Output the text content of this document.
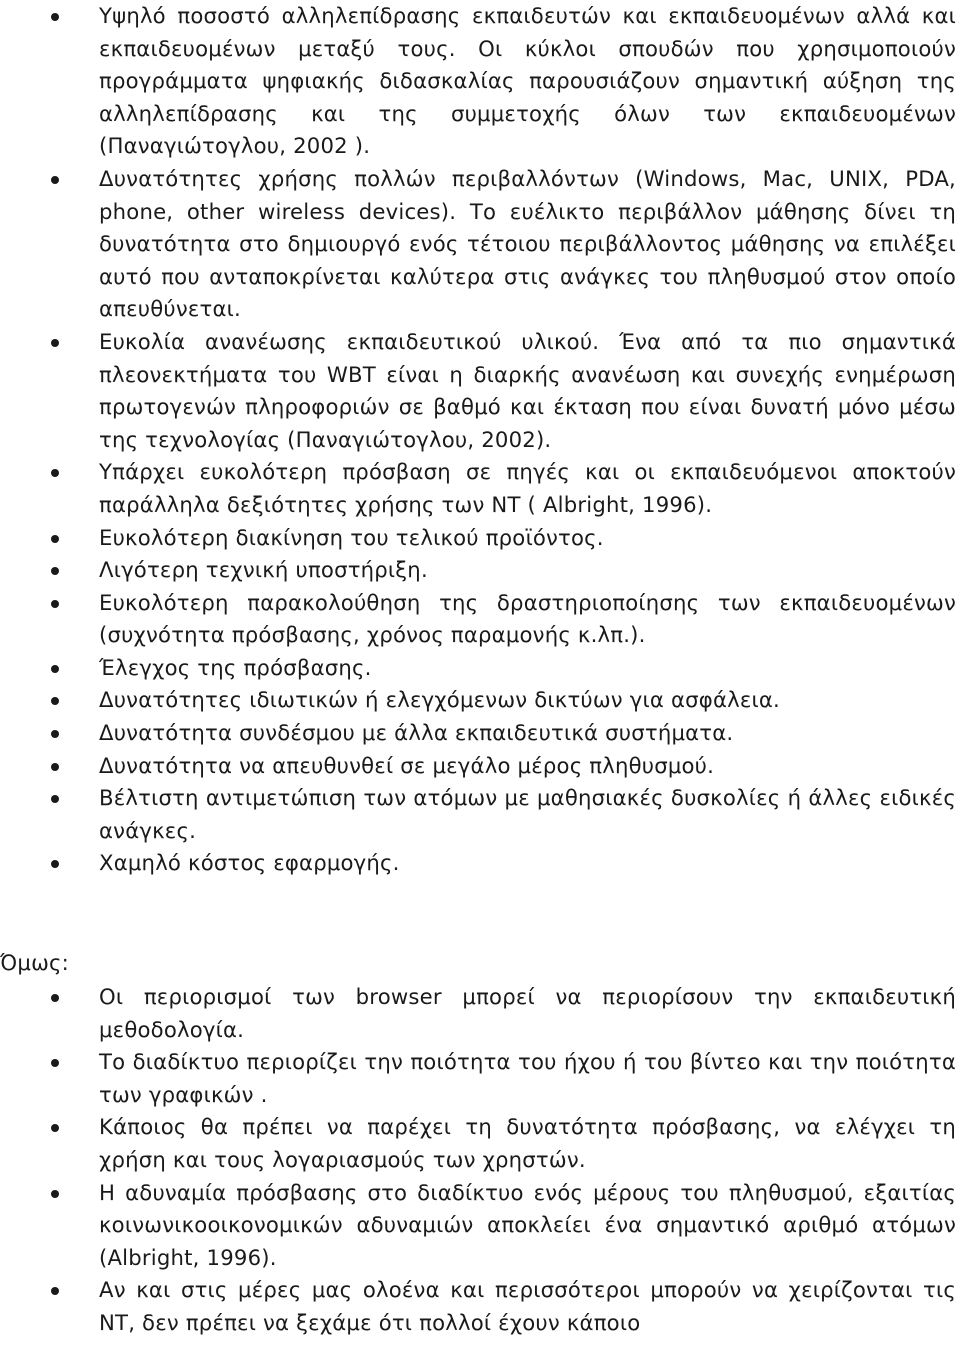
Υψηλό ποσοστό αλληλεπίδρασης εκπαιδευτών και εκπαιδευομένων αλλά και εκπαιδευομένων μεταξύ τους. Οι κύκλοι σπουδών που χρησιμοποιούν προγράμματα ψηφιακής διδασκαλίας παρουσιάζουν σημαντική αύξηση της αλληλεπίδρασης και της συμμετοχής όλων των εκπαιδευομένων (Παναγιώτογλου, 2002 ).
Δυνατότητες χρήσης πολλών περιβαλλόντων (Windows, Mac, UNIX, PDA, phone, other wireless devices). Το ευέλικτο περιβάλλον μάθησης δίνει τη δυνατότητα στο δημιουργό ενός τέτοιου περιβάλλοντος μάθησης να επιλέξει αυτό που ανταποκρίνεται καλύτερα στις ανάγκες του πληθυσμού στον οποίο απευθύνεται.
Ευκολία ανανέωσης εκπαιδευτικού υλικού. Ένα από τα πιο σημαντικά πλεονεκτήματα του WBT είναι η διαρκής ανανέωση και συνεχής ενημέρωση πρωτογενών πληροφοριών σε βαθμό και έκταση που είναι δυνατή μόνο μέσω της τεχνολογίας (Παναγιώτογλου, 2002).
Υπάρχει ευκολότερη πρόσβαση σε πηγές και οι εκπαιδευόμενοι αποκτούν παράλληλα δεξιότητες χρήσης των ΝΤ ( Albright, 1996).
Ευκολότερη διακίνηση του τελικού προϊόντος.
Λιγότερη τεχνική υποστήριξη.
Ευκολότερη παρακολούθηση της δραστηριοποίησης των εκπαιδευομένων (συχνότητα πρόσβασης, χρόνος παραμονής κ.λπ.).
Έλεγχος της πρόσβασης.
Δυνατότητες ιδιωτικών ή ελεγχόμενων δικτύων για ασφάλεια.
Δυνατότητα συνδέσμου με άλλα εκπαιδευτικά συστήματα.
Δυνατότητα να απευθυνθεί σε μεγάλο μέρος πληθυσμού.
Βέλτιστη αντιμετώπιση των ατόμων με μαθησιακές δυσκολίες ή άλλες ειδικές ανάγκες.
Χαμηλό κόστος εφαρμογής.
Όμως:
Οι περιορισμοί των browser μπορεί να περιορίσουν την εκπαιδευτική μεθοδολογία.
Το διαδίκτυο περιορίζει την ποιότητα του ήχου ή του βίντεο και την ποιότητα των γραφικών .
Κάποιος θα πρέπει να παρέχει τη δυνατότητα πρόσβασης, να ελέγχει τη χρήση και τους λογαριασμούς των χρηστών.
Η αδυναμία πρόσβασης στο διαδίκτυο ενός μέρους του πληθυσμού, εξαιτίας κοινωνικοοικονομικών αδυναμιών αποκλείει ένα σημαντικό αριθμό ατόμων (Albright, 1996).
Αν και στις μέρες μας ολοένα και περισσότεροι μπορούν να χειρίζονται τις ΝΤ, δεν πρέπει να ξεχάμε ότι πολλοί έχουν κάποιο
